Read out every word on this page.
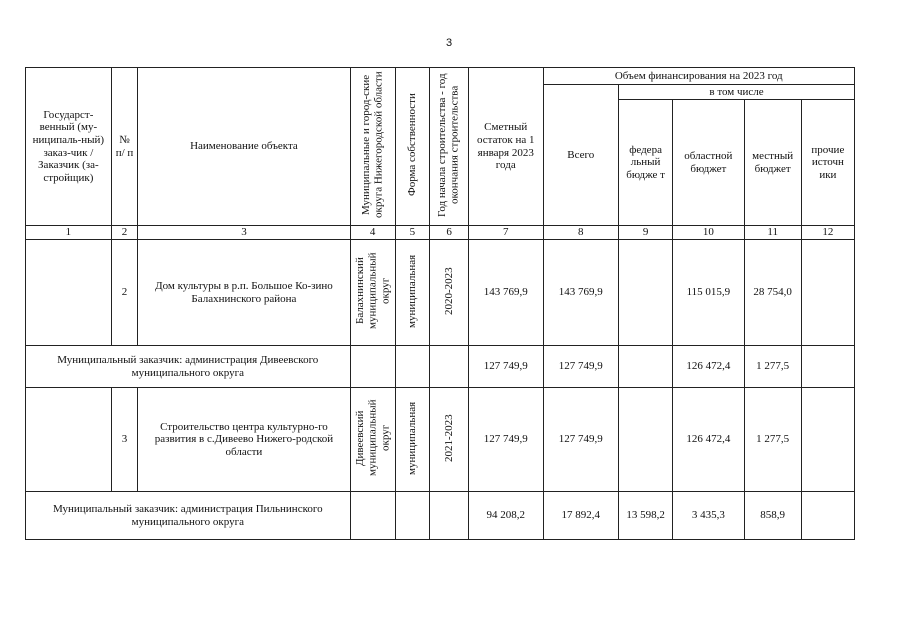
3
Государст-венный (му-ниципаль-ный) заказ-чик / Заказчик (за-стройщик)	№ п/ п	Наименование объекта	Муниципальные и город-ские округа Нижегородской области	Форма собственности	Год начала строительства - год окончания строительства	Сметный остаток на 1 января 2023 года	Объем финансирования на 2023 год				
							Всего	в том числе			
								федера льный бюдже т	областной бюджет	местный бюджет	прочие источн ики
1	2	3	4	5	6	7	8	9	10	11	12
	2	Дом культуры в р.п. Большое Ко-зино Балахнинского района	Балахнинский муниципальный округ	муниципальная	2020-2023	143 769,9	143 769,9		115 015,9	28 754,0	
Муниципальный заказчик: администрация Дивеевского муниципального округа						127 749,9	127 749,9		126 472,4	1 277,5	
	3	Строительство центра культурно-го развития в с.Дивеево Нижего-родской области	Дивеевский муниципальный округ	муниципальная	2021-2023	127 749,9	127 749,9		126 472,4	1 277,5	
Муниципальный заказчик: администрация Пильнинского муниципального округа						94 208,2	17 892,4	13 598,2	3 435,3	858,9	
